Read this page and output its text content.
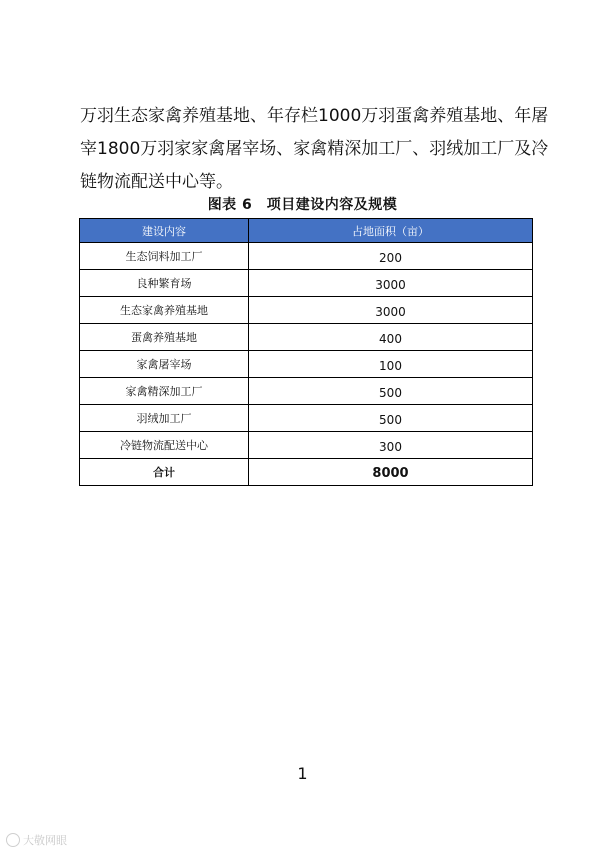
万羽生态家禽养殖基地、年存栏1000万羽蛋禽养殖基地、年屠
宰1800万羽家家禽屠宰场、家禽精深加工厂、羽绒加工厂及冷
链物流配送中心等。

图表 6　项目建设内容及规模
建设内容	占地面积（亩）
生态饲料加工厂	200
良种繁育场	3000
生态家禽养殖基地	3000
蛋禽养殖基地	400
家禽屠宰场	100
家禽精深加工厂	500
羽绒加工厂	500
冷链物流配送中心	300
合计	8000
1
大敬网眼
